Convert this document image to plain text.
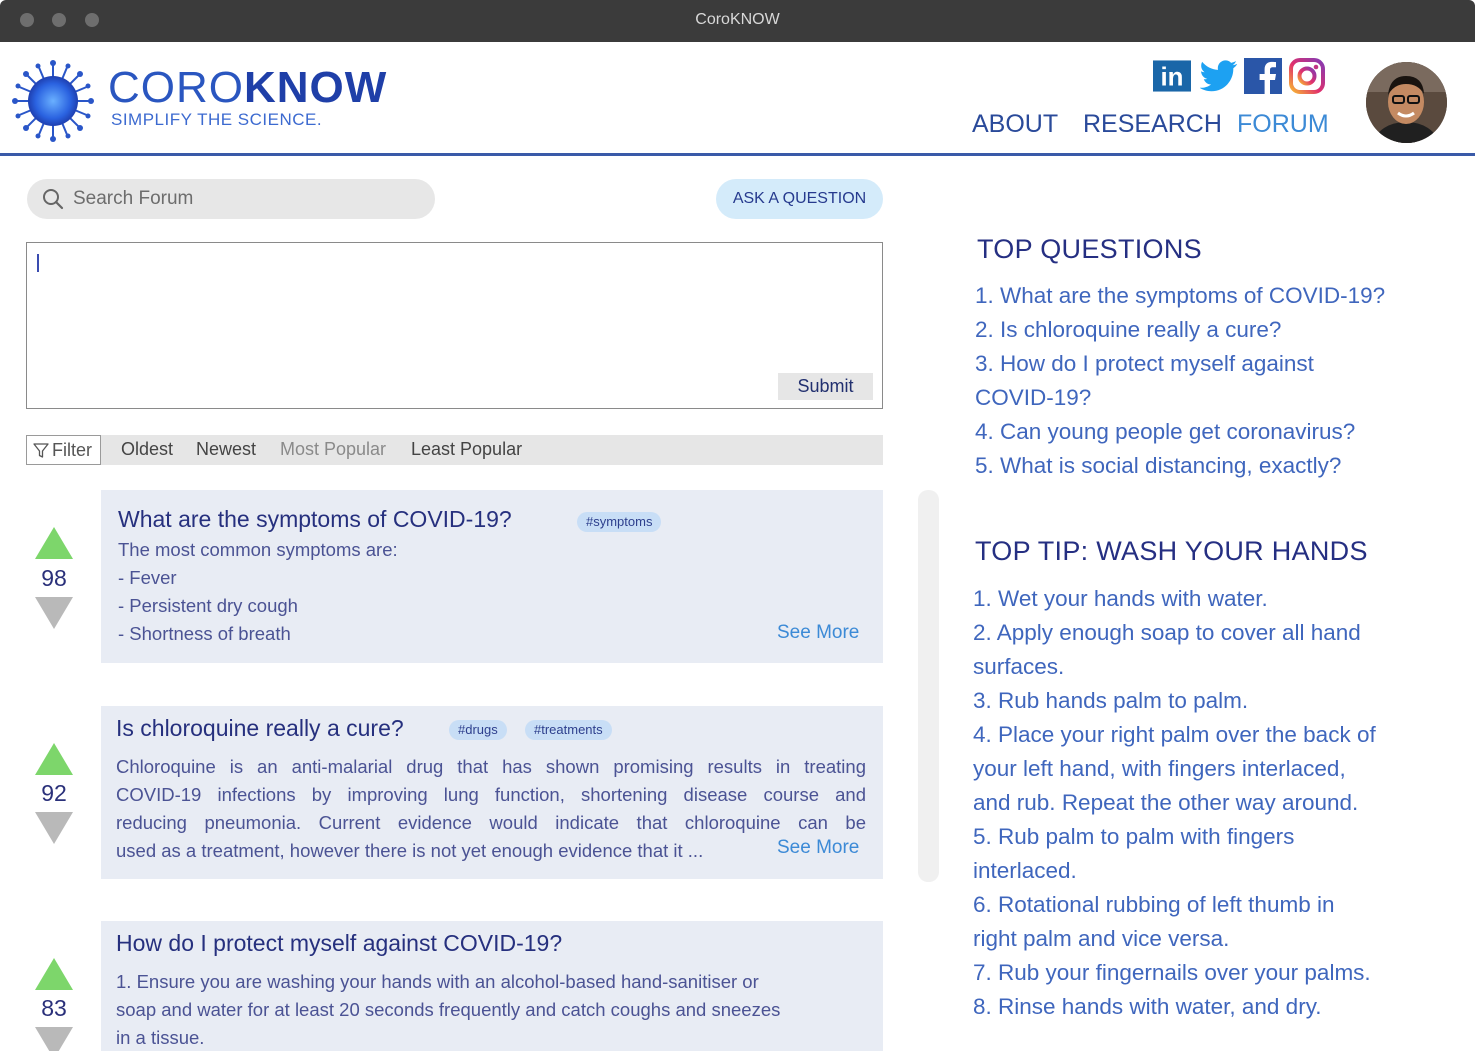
CoroKNOW
COROKNOW
SIMPLIFY THE SCIENCE.
in
ABOUT RESEARCH FORUM
Search Forum
ASK A QUESTION
Submit
Filter Oldest Newest Most Popular Least Popular
98
What are the symptoms of COVID-19?	#symptoms
The most common symptoms are:
- Fever
- Persistent dry cough
- Shortness of breath	See More
92
Is chloroquine really a cure?	#drugs	#treatments
Chloroquine is an anti-malarial drug that has shown promising results in treating
COVID-19 infections by improving lung function, shortening disease course and
reducing pneumonia. Current evidence would indicate that chloroquine can be
used as a treatment, however there is not yet enough evidence that it ...	See More
83
How do I protect myself against COVID-19?
1. Ensure you are washing your hands with an alcohol-based hand-sanitiser or
soap and water for at least 20 seconds frequently and catch coughs and sneezes
in a tissue.
TOP QUESTIONS
1. What are the symptoms of COVID-19?
2. Is chloroquine really a cure?
3. How do I protect myself against
COVID-19?
4. Can young people get coronavirus?
5. What is social distancing, exactly?
TOP TIP: WASH YOUR HANDS
1. Wet your hands with water.
2. Apply enough soap to cover all hand
surfaces.
3. Rub hands palm to palm.
4. Place your right palm over the back of
your left hand, with fingers interlaced,
and rub. Repeat the other way around.
5. Rub palm to palm with fingers
interlaced.
6. Rotational rubbing of left thumb in
right palm and vice versa.
7. Rub your fingernails over your palms.
8. Rinse hands with water, and dry.
